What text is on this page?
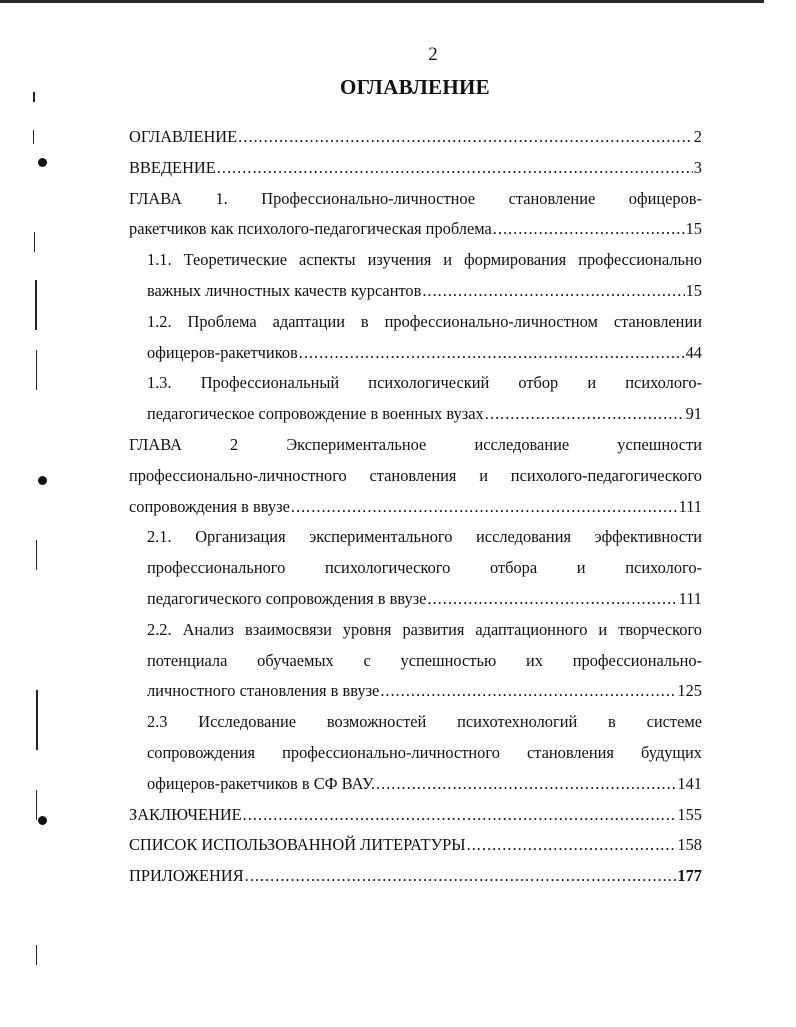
2
ОГЛАВЛЕНИЕ
ОГЛАВЛЕНИЕ .....	2
ВВЕДЕНИЕ .....	3
ГЛАВА 1. Профессионально-личностное становление офицеров-
ракетчиков как психолого-педагогическая проблема .....	15
1.1. Теоретические аспекты изучения и формирования профессионально
важных личностных качеств курсантов .....	15
1.2. Проблема адаптации в профессионально-личностном становлении
офицеров-ракетчиков .....	44
1.3. Профессиональный психологический отбор и психолого-
педагогическое сопровождение в военных вузах .....	91
ГЛАВА 2 Экспериментальное исследование успешности
профессионально-личностного становления и психолого-педагогического
сопровождения в ввузе .....	111
2.1. Организация экспериментального исследования эффективности
профессионального психологического отбора и психолого-
педагогического сопровождения в ввузе .....	111
2.2. Анализ взаимосвязи уровня развития адаптационного и творческого
потенциала обучаемых с успешностью их профессионально-
личностного становления в ввузе .....	125
2.3 Исследование возможностей психотехнологий в системе
сопровождения профессионально-личностного становления будущих
офицеров-ракетчиков в СФ ВАУ. .....	141
ЗАКЛЮЧЕНИЕ .....	155
СПИСОК ИСПОЛЬЗОВАННОЙ ЛИТЕРАТУРЫ .....	158
ПРИЛОЖЕНИЯ .....	177
